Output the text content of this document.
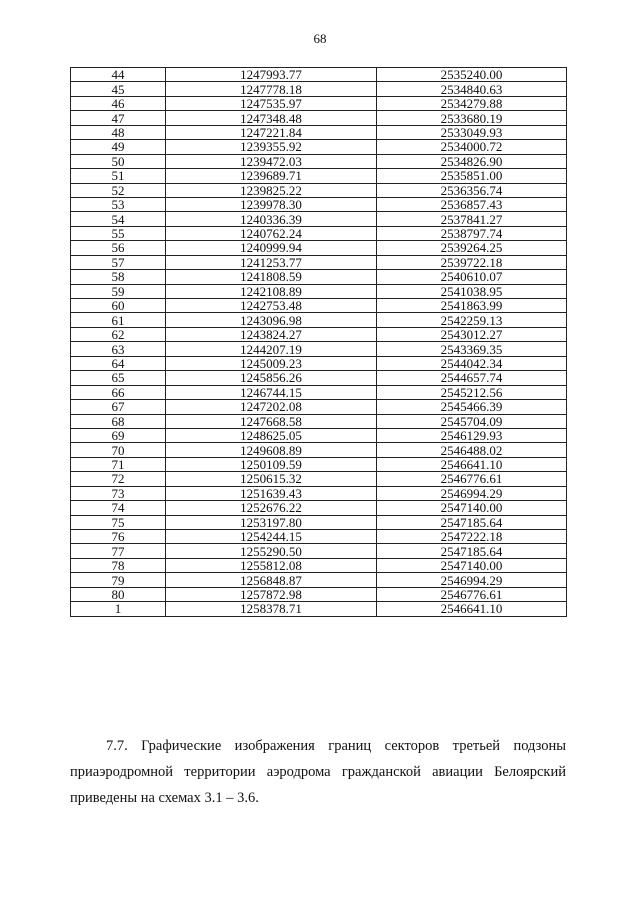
68
44	1247993.77	2535240.00
45	1247778.18	2534840.63
46	1247535.97	2534279.88
47	1247348.48	2533680.19
48	1247221.84	2533049.93
49	1239355.92	2534000.72
50	1239472.03	2534826.90
51	1239689.71	2535851.00
52	1239825.22	2536356.74
53	1239978.30	2536857.43
54	1240336.39	2537841.27
55	1240762.24	2538797.74
56	1240999.94	2539264.25
57	1241253.77	2539722.18
58	1241808.59	2540610.07
59	1242108.89	2541038.95
60	1242753.48	2541863.99
61	1243096.98	2542259.13
62	1243824.27	2543012.27
63	1244207.19	2543369.35
64	1245009.23	2544042.34
65	1245856.26	2544657.74
66	1246744.15	2545212.56
67	1247202.08	2545466.39
68	1247668.58	2545704.09
69	1248625.05	2546129.93
70	1249608.89	2546488.02
71	1250109.59	2546641.10
72	1250615.32	2546776.61
73	1251639.43	2546994.29
74	1252676.22	2547140.00
75	1253197.80	2547185.64
76	1254244.15	2547222.18
77	1255290.50	2547185.64
78	1255812.08	2547140.00
79	1256848.87	2546994.29
80	1257872.98	2546776.61
1	1258378.71	2546641.10
7.7. Графические изображения границ секторов третьей подзоны
приаэродромной территории аэродрома гражданской авиации Белоярский
приведены на схемах 3.1 – 3.6.
